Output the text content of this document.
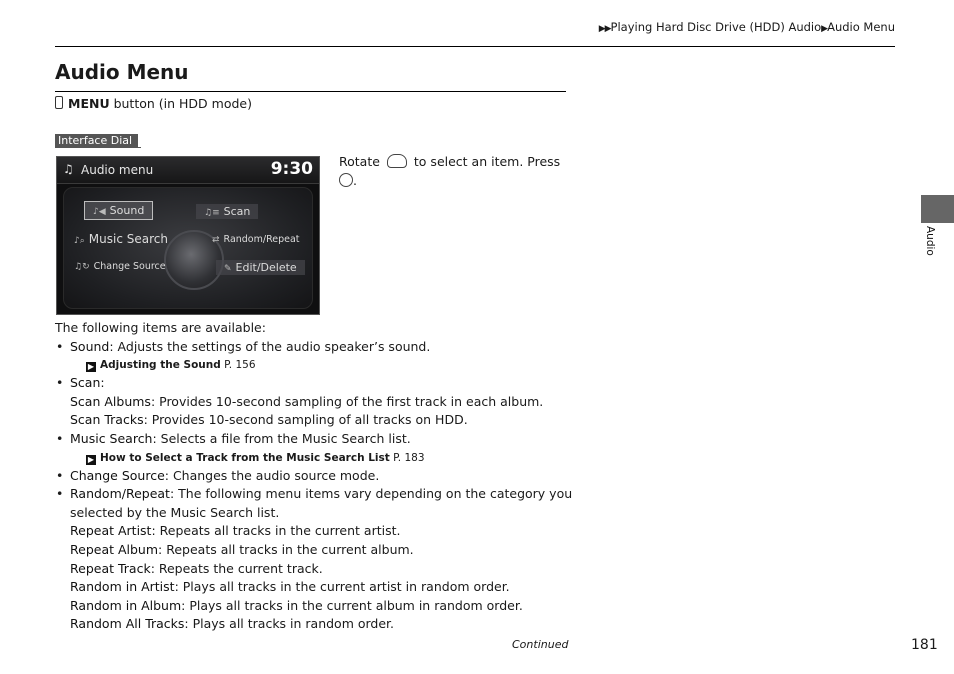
▶▶Playing Hard Disc Drive (HDD) Audio▶Audio Menu
Audio Menu
MENU button (in HDD mode)
Interface Dial
♫ Audio menu	9:30
♪◀ Sound	♫≡ Scan
♪⌕ Music Search	⇄ Random/Repeat
♫↻ Change Source	✎ Edit/Delete
Rotate	to select an item. Press
.

The following items are available:

• Sound: Adjusts the settings of the audio speaker’s sound.

▶ Adjusting the Sound P. 156

• Scan:

Scan Albums: Provides 10-second sampling of the first track in each album.

Scan Tracks: Provides 10-second sampling of all tracks on HDD.

• Music Search: Selects a file from the Music Search list.

▶ How to Select a Track from the Music Search List P. 183

• Change Source: Changes the audio source mode.

• Random/Repeat: The following menu items vary depending on the category you selected by the Music Search list.

Repeat Artist: Repeats all tracks in the current artist.

Repeat Album: Repeats all tracks in the current album.

Repeat Track: Repeats the current track.

Random in Artist: Plays all tracks in the current artist in random order.

Random in Album: Plays all tracks in the current album in random order.

Random All Tracks: Plays all tracks in random order.

Continued	181
Audio
